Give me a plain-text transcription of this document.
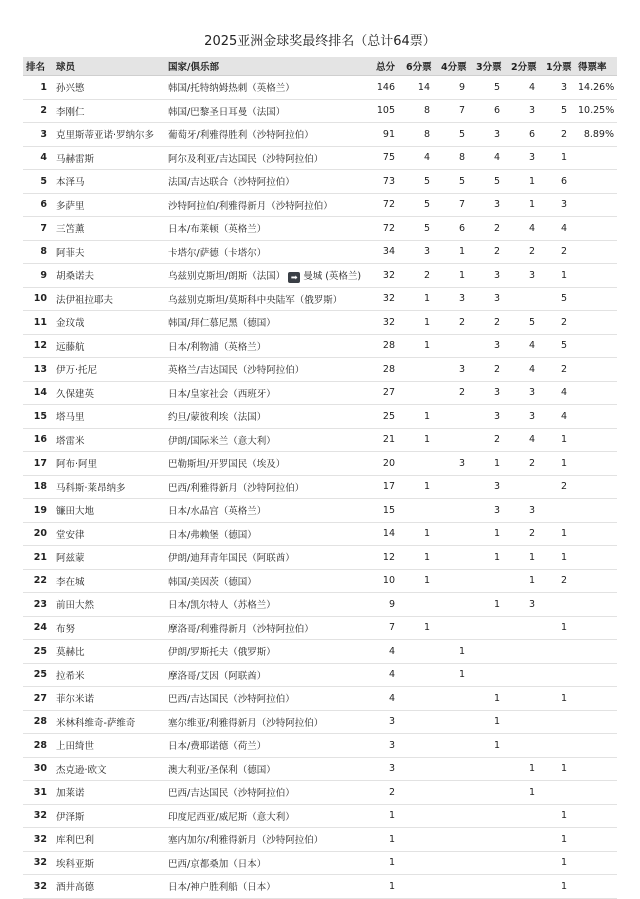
2025亚洲金球奖最终排名（总计64票）
排名	球员	国家/俱乐部	总分	6分票	4分票	3分票	2分票	1分票	得票率
1	孙兴慜	韩国/托特纳姆热刺（英格兰）	146	14	9	5	4	3	14.26%
2	李刚仁	韩国/巴黎圣日耳曼（法国）	105	8	7	6	3	5	10.25%
3	克里斯蒂亚诺·罗纳尔多	葡萄牙/利雅得胜利（沙特阿拉伯）	91	8	5	3	6	2	8.89%
4	马赫雷斯	阿尔及利亚/吉达国民（沙特阿拉伯）	75	4	8	4	3	1	
5	本泽马	法国/吉达联合（沙特阿拉伯）	73	5	5	5	1	6	
6	多萨里	沙特阿拉伯/利雅得新月（沙特阿拉伯）	72	5	7	3	1	3	
7	三笘薰	日本/布莱顿（英格兰）	72	5	6	2	4	4	
8	阿菲夫	卡塔尔/萨德（卡塔尔）	34	3	1	2	2	2	
9	胡桑诺夫	乌兹别克斯坦/朗斯（法国） ➡ 曼城 (英格兰)	32	2	1	3	3	1	
10	法伊祖拉耶夫	乌兹别克斯坦/莫斯科中央陆军（俄罗斯）	32	1	3	3		5	
11	金玟哉	韩国/拜仁慕尼黑（德国）	32	1	2	2	5	2	
12	远藤航	日本/利物浦（英格兰）	28	1		3	4	5	
13	伊万·托尼	英格兰/吉达国民（沙特阿拉伯）	28		3	2	4	2	
14	久保建英	日本/皇家社会（西班牙）	27		2	3	3	4	
15	塔马里	约旦/蒙彼利埃（法国）	25	1		3	3	4	
16	塔雷米	伊朗/国际米兰（意大利）	21	1		2	4	1	
17	阿布·阿里	巴勒斯坦/开罗国民（埃及）	20		3	1	2	1	
18	马科斯·莱昂纳多	巴西/利雅得新月（沙特阿拉伯）	17	1		3		2	
19	镰田大地	日本/水晶宫（英格兰）	15			3	3		
20	堂安律	日本/弗赖堡（德国）	14	1		1	2	1	
21	阿兹蒙	伊朗/迪拜青年国民（阿联酋）	12	1		1	1	1	
22	李在城	韩国/美因茨（德国）	10	1			1	2	
23	前田大然	日本/凯尔特人（苏格兰）	9			1	3		
24	布努	摩洛哥/利雅得新月（沙特阿拉伯）	7	1				1	
25	莫赫比	伊朗/罗斯托夫（俄罗斯）	4		1				
25	拉希米	摩洛哥/艾因（阿联酋）	4		1				
27	菲尔米诺	巴西/吉达国民（沙特阿拉伯）	4			1		1	
28	米林科维奇-萨维奇	塞尔维亚/利雅得新月（沙特阿拉伯）	3			1			
28	上田绮世	日本/费耶诺德（荷兰）	3			1			
30	杰克逊·欧文	澳大利亚/圣保利（德国）	3				1	1	
31	加莱诺	巴西/吉达国民（沙特阿拉伯）	2				1		
32	伊泽斯	印度尼西亚/威尼斯（意大利）	1					1	
32	库利巴利	塞内加尔/利雅得新月（沙特阿拉伯）	1					1	
32	埃科亚斯	巴西/京都桑加（日本）	1					1	
32	酒井高德	日本/神户胜利船（日本）	1					1	
